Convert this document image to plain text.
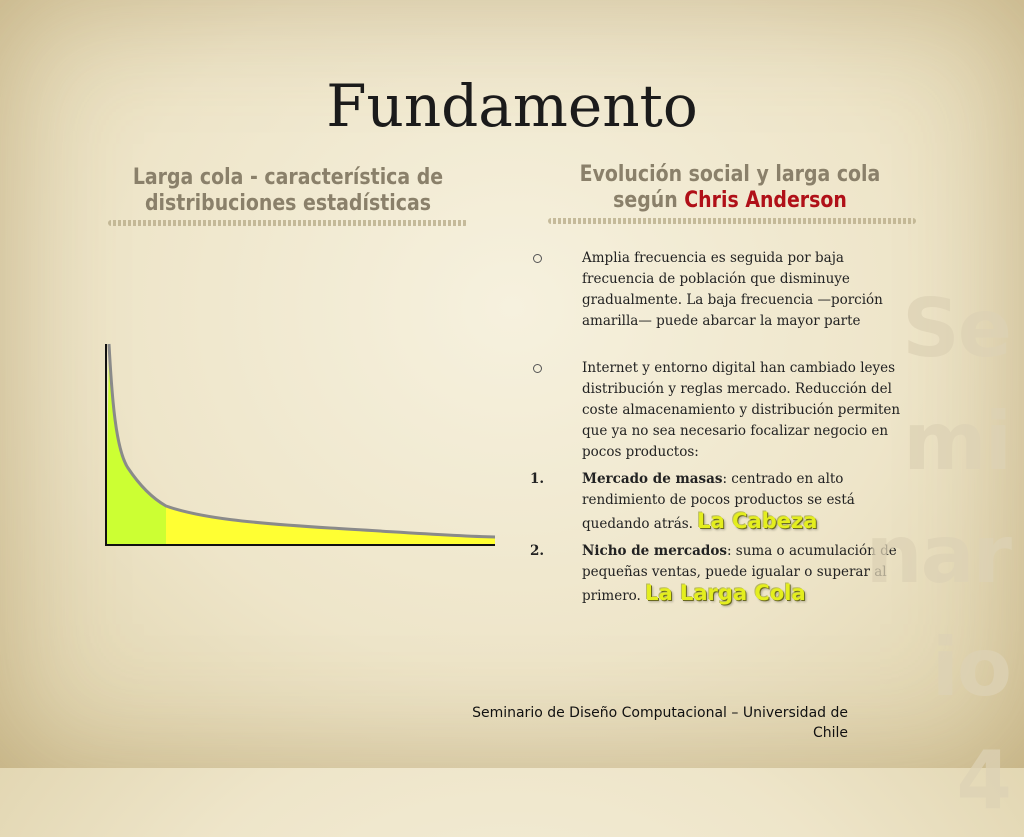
Fundamento
Larga cola - característica de
distribuciones estadísticas
Evolución social y larga cola
según Chris Anderson
Amplia frecuencia es seguida por baja frecuencia de población que disminuye gradualmente. La baja frecuencia —porción amarilla— puede abarcar la mayor parte
Internet y entorno digital han cambiado leyes distribución y reglas mercado. Reducción del coste almacenamiento y distribución permiten que ya no sea necesario focalizar negocio en pocos productos:
1.	Mercado de masas: centrado en alto rendimiento de pocos productos se está quedando atrás. La Cabeza
2.	Nicho de mercados: suma o acumulación de pequeñas ventas, puede igualar o superar al primero. La Larga Cola
Se
mi
nar
io 4
Seminario de Diseño Computacional – Universidad de Chile
